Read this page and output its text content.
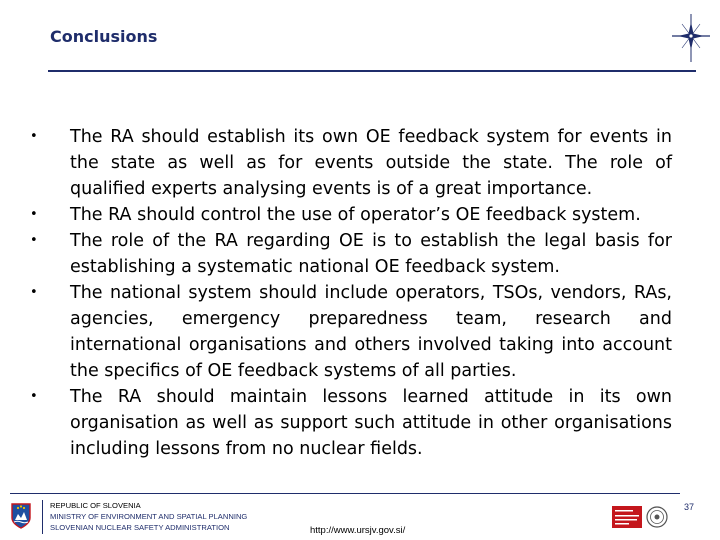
Conclusions
• The RA should establish its own OE feedback system for events in the state as well as for events outside the state. The role of qualified experts analysing events is of a great importance.
• The RA should control the use of operator’s OE feedback system.
• The role of the RA regarding OE is to establish the legal basis for establishing a systematic national OE feedback system.
• The national system should include operators, TSOs, vendors, RAs, agencies, emergency preparedness team, research and international organisations and others involved taking into account the specifics of OE feedback systems of all parties.
• The RA should maintain lessons learned attitude in its own organisation as well as support such attitude in other organisations including lessons from no nuclear fields.
REPUBLIC OF SLOVENIA
MINISTRY OF ENVIRONMENT AND SPATIAL PLANNING
SLOVENIAN NUCLEAR SAFETY ADMINISTRATION	http://www.ursjv.gov.si/
37
